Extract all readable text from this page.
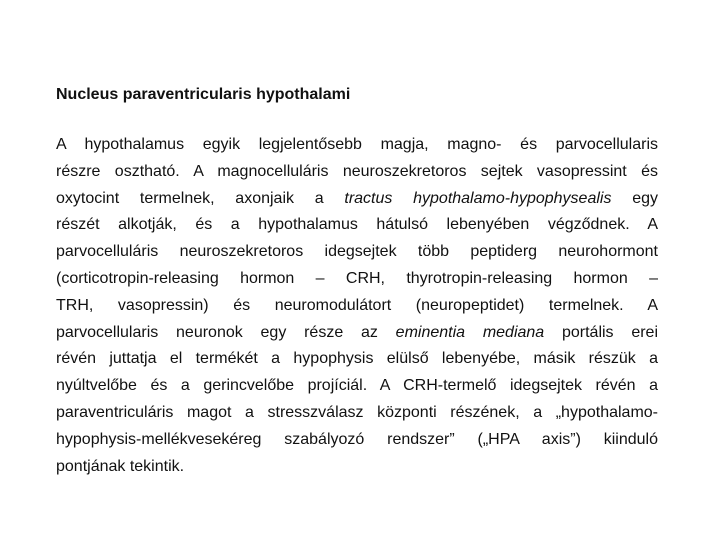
Nucleus paraventricularis hypothalami
A hypothalamus egyik legjelentősebb magja, magno- és parvocellularis
részre osztható. A magnocelluláris neuroszekretoros sejtek vasopressint és
oxytocint termelnek, axonjaik a tractus hypothalamo-hypophysealis egy
részét alkotják, és a hypothalamus hátulsó lebenyében végződnek. A
parvocelluláris neuroszekretoros idegsejtek több peptiderg neurohormont
(corticotropin-releasing hormon – CRH, thyrotropin-releasing hormon –
TRH, vasopressin) és neuromodulátort (neuropeptidet) termelnek. A
parvocellularis neuronok egy része az eminentia mediana portális erei
révén juttatja el termékét a hypophysis elülső lebenyébe, másik részük a
nyúltvelőbe és a gerincvelőbe projíciál. A CRH-termelő idegsejtek révén a
paraventriculáris magot a stresszválasz központi részének, a „hypothalamo-
hypophysis-mellékvesekéreg szabályozó rendszer” („HPA axis”) kiinduló
pontjának tekintik.
